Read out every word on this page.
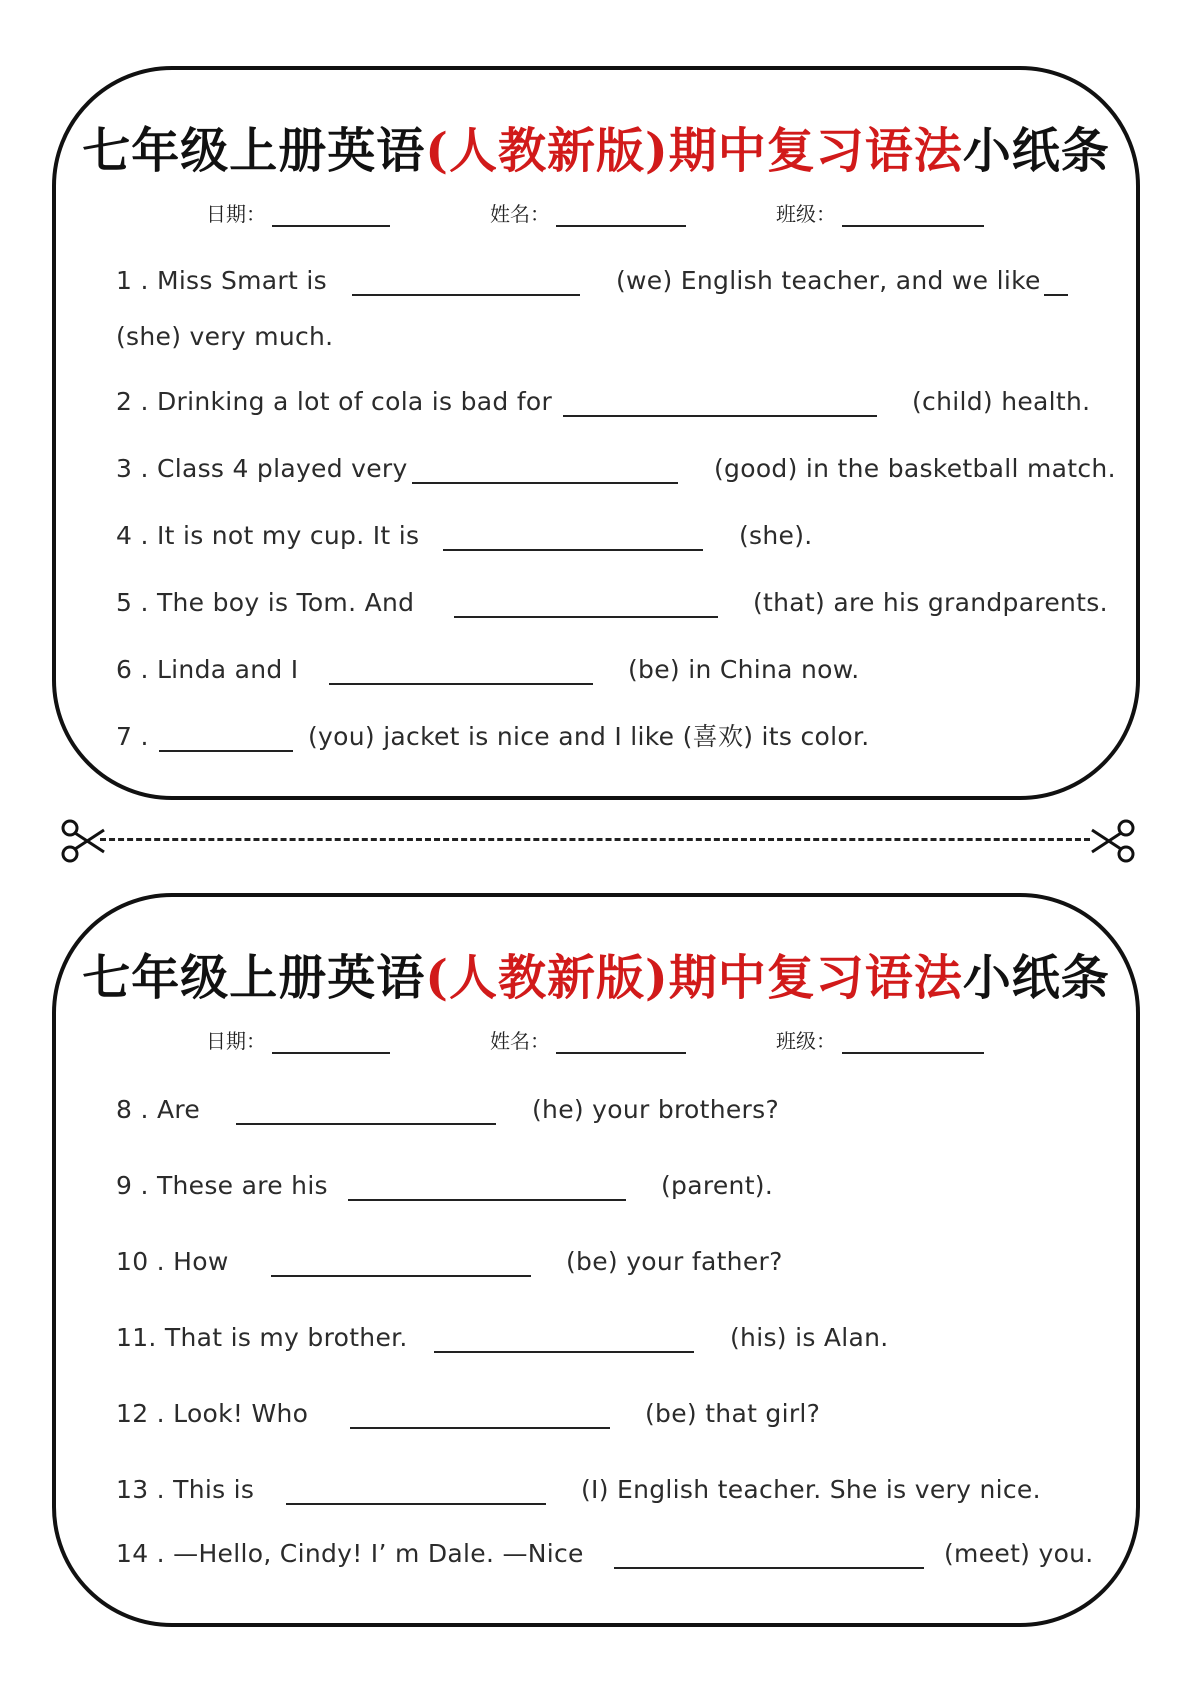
七年级上册英语(人教新版)期中复习语法小纸条
日期：	姓名：	班级：
1 . Miss Smart is	(we) English teacher, and we like
(she) very much.
2 . Drinking a lot of cola is bad for	(child) health.
3 . Class 4 played very	(good) in the basketball match.
4 . It is not my cup. It is	(she).
5 . The boy is Tom. And	(that) are his grandparents.
6 . Linda and I	(be) in China now.
7 .	(you) jacket is nice and I like (喜欢) its color.
七年级上册英语(人教新版)期中复习语法小纸条
日期：	姓名：	班级：
8 . Are	(he) your brothers?
9 . These are his	(parent).
10 . How	(be) your father?
11. That is my brother.	(his) is Alan.
12 . Look! Who	(be) that girl?
13 . This is	(I) English teacher. She is very nice.
14 . —Hello, Cindy! I’ m Dale. —Nice	(meet) you.
